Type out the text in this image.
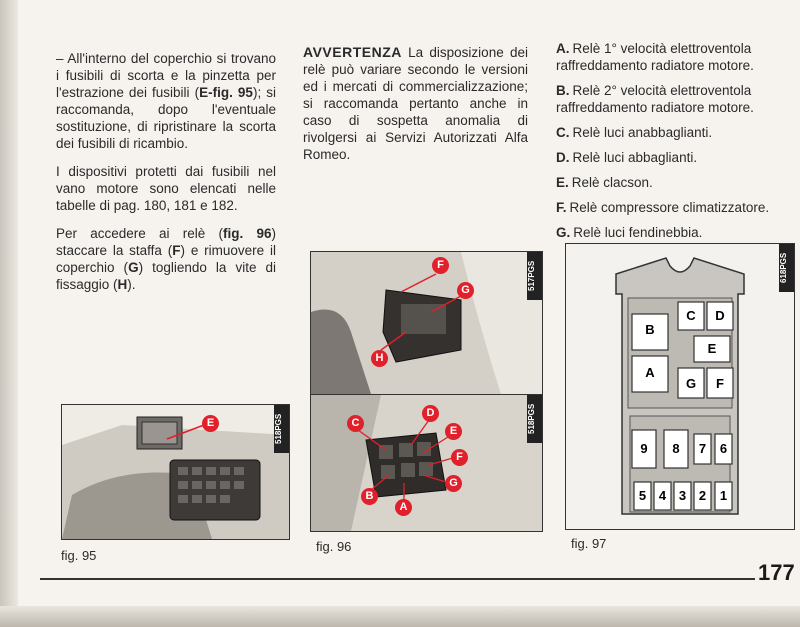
– All'interno del coperchio si trovano i fusibili di scorta e la pinzetta per l'estrazione dei fusibili (E-fig. 95); si raccomanda, dopo l'eventuale sostituzione, di ripristinare la scorta dei fusibili di ricambio.

I dispositivi protetti dai fusibili nel vano motore sono elencati nelle tabelle di pag. 180, 181 e 182.

Per accedere ai relè (fig. 96) staccare la staffa (F) e rimuovere il coperchio (G) togliendo la vite di fissaggio (H).

AVVERTENZA La disposizione dei relè può variare secondo le versioni ed i mercati di commercializzazione; si raccomanda pertanto anche in caso di sospetta anomalia di rivolgersi ai Servizi Autorizzati Alfa Romeo.

A. Relè 1° velocità elettroventola raffreddamento radiatore motore.
B. Relè 2° velocità elettroventola raffreddamento radiatore motore.
C. Relè luci anabbaglianti.
D. Relè luci abbaglianti.
E. Relè clacson.
F. Relè compressore climatizzatore.
G. Relè luci fendinebbia.
E	518PGS
fig. 95
F
G
H
517PGS
C
D
E
F
G
B
A
518PGS
fig. 96
618PGS
B
C	D
E
A
G	F
9	8	7	6
5 4 3 2	1
fig. 97
177
